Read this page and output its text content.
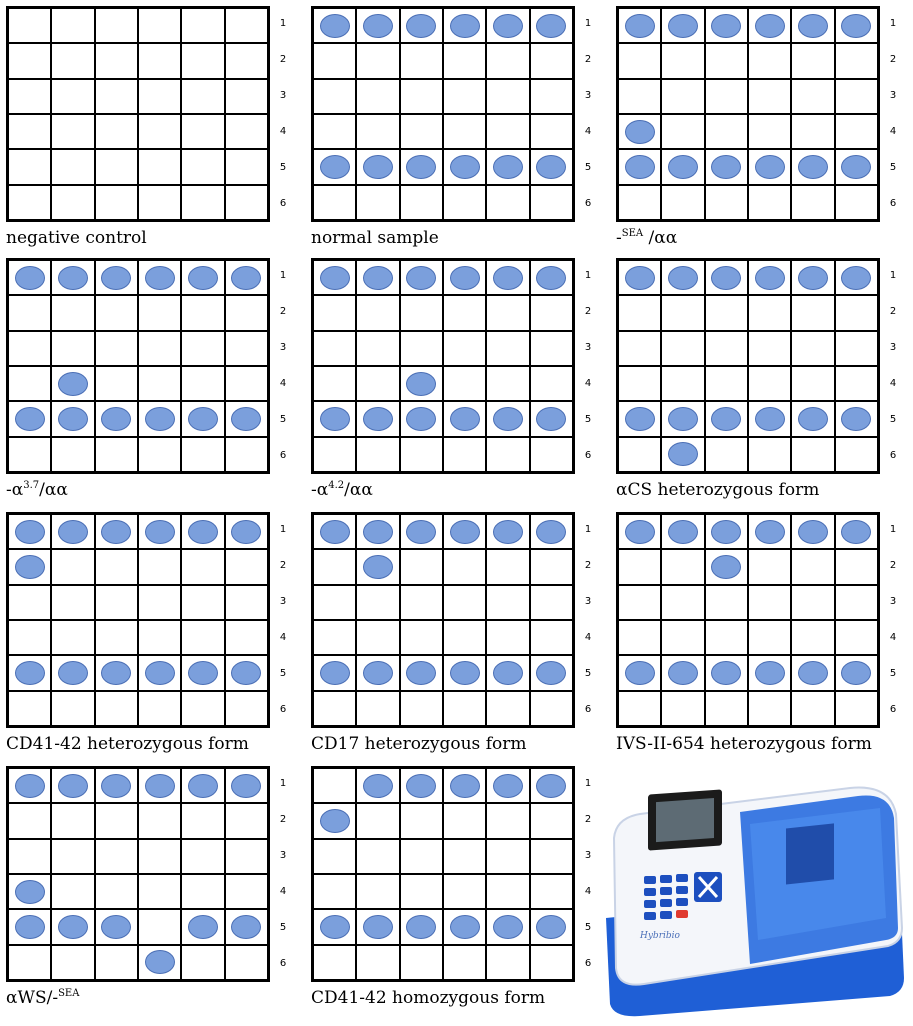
1
2
3
4
5
6
negative control
1
2
3
4
5
6
normal sample
1
2
3
4
5
6
-$^{SEA}$ /αα
1
2
3
4
5
6
$-\alpha^{3.7}/\alpha\alpha$
1
2
3
4
5
6
$-\alpha^{4.2}/\alpha\alpha$
1
2
3
4
5
6
αCS heterozygous form
1
2
3
4
5
6
CD41-42 heterozygous form
1
2
3
4
5
6
CD17 heterozygous form
1
2
3
4
5
6
IVS-II-654 heterozygous form
1
2
3
4
5
6
αWS/-$^{SEA}$
1
2
3
4
5
6
CD41-42 homozygous form
Hybribio
